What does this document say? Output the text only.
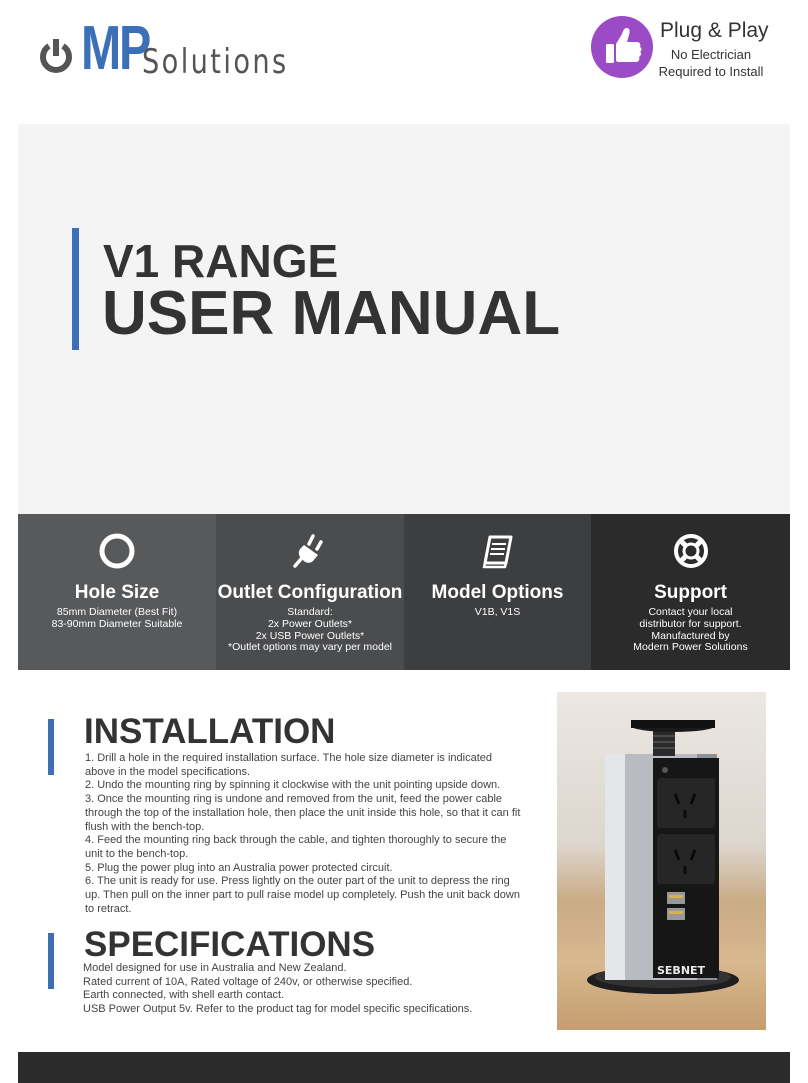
MP
Solutions
Plug & Play
No Electrician
Required to Install
V1 RANGE
USER MANUAL
Hole Size
85mm Diameter (Best Fit)
83-90mm Diameter Suitable
Outlet Configuration
Standard:
2x Power Outlets*
2x USB Power Outlets*
*Outlet options may vary per model
Model Options
V1B, V1S
Support
Contact your local
distributor for support.
Manufactured by
Modern Power Solutions
INSTALLATION

1. Drill a hole in the required installation surface. The hole size diameter is indicated above in the model specifications.

2. Undo the mounting ring by spinning it clockwise with the unit pointing upside down.

3. Once the mounting ring is undone and removed from the unit, feed the power cable through the top of the installation hole, then place the unit inside this hole, so that it can fit flush with the bench-top.

4. Feed the mounting ring back through the cable, and tighten thoroughly to secure the unit to the bench-top.

5. Plug the power plug into an Australia power protected circuit.

6. The unit is ready for use. Press lightly on the outer part of the unit to depress the ring up. Then pull on the inner part to pull raise model up completely. Push the unit back down to retract.

SPECIFICATIONS
Model designed for use in Australia and New Zealand.
Rated current of 10A, Rated voltage of 240v, or otherwise specified.
Earth connected, with shell earth contact.
USB Power Output 5v. Refer to the product tag for model specific specifications.
SEBNET
